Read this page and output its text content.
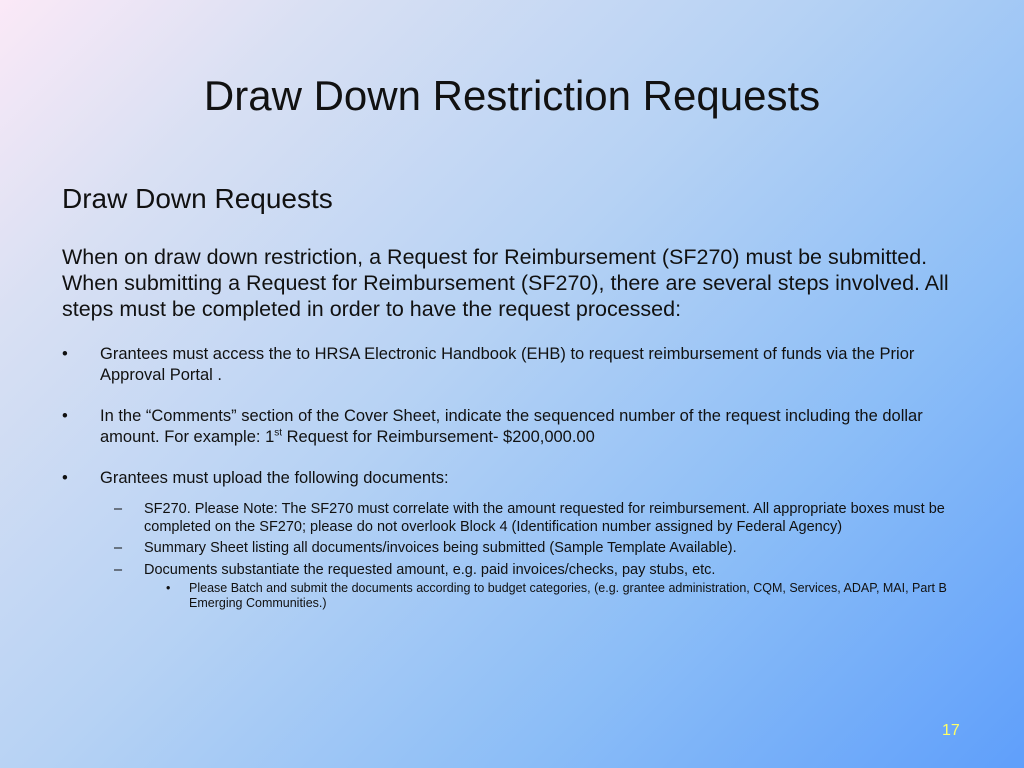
Draw Down Restriction Requests
Draw Down Requests
When on draw down restriction, a Request for Reimbursement (SF270) must be submitted. When submitting a Request for Reimbursement (SF270), there are several steps involved. All steps must be completed in order to have the request processed:
• Grantees must access the to HRSA Electronic Handbook (EHB) to request reimbursement of funds via the Prior Approval Portal .
• In the “Comments” section of the Cover Sheet, indicate the sequenced number of the request including the dollar amount. For example: 1st Request for Reimbursement- $200,000.00
• Grantees must upload the following documents:
– SF270. Please Note: The SF270 must correlate with the amount requested for reimbursement. All appropriate boxes must be completed on the SF270; please do not overlook Block 4 (Identification number assigned by Federal Agency)
– Summary Sheet listing all documents/invoices being submitted (Sample Template Available).
– Documents substantiate the requested amount, e.g. paid invoices/checks, pay stubs, etc.
• Please Batch and submit the documents according to budget categories, (e.g. grantee administration, CQM, Services, ADAP, MAI, Part B Emerging Communities.)
17
